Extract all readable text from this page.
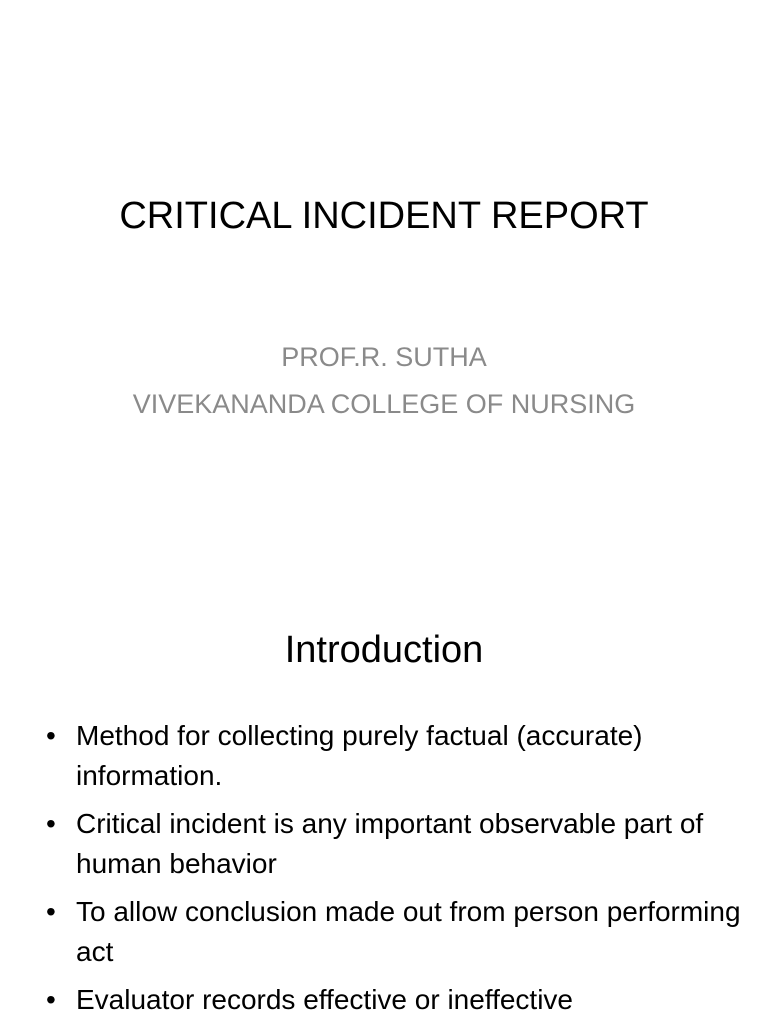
CRITICAL INCIDENT REPORT
PROF.R. SUTHA
VIVEKANANDA COLLEGE OF NURSING
Introduction
• Method for collecting purely factual (accurate) information.
• Critical incident is any important observable part of human behavior
• To allow conclusion made out from person performing act
• Evaluator records effective or ineffective
